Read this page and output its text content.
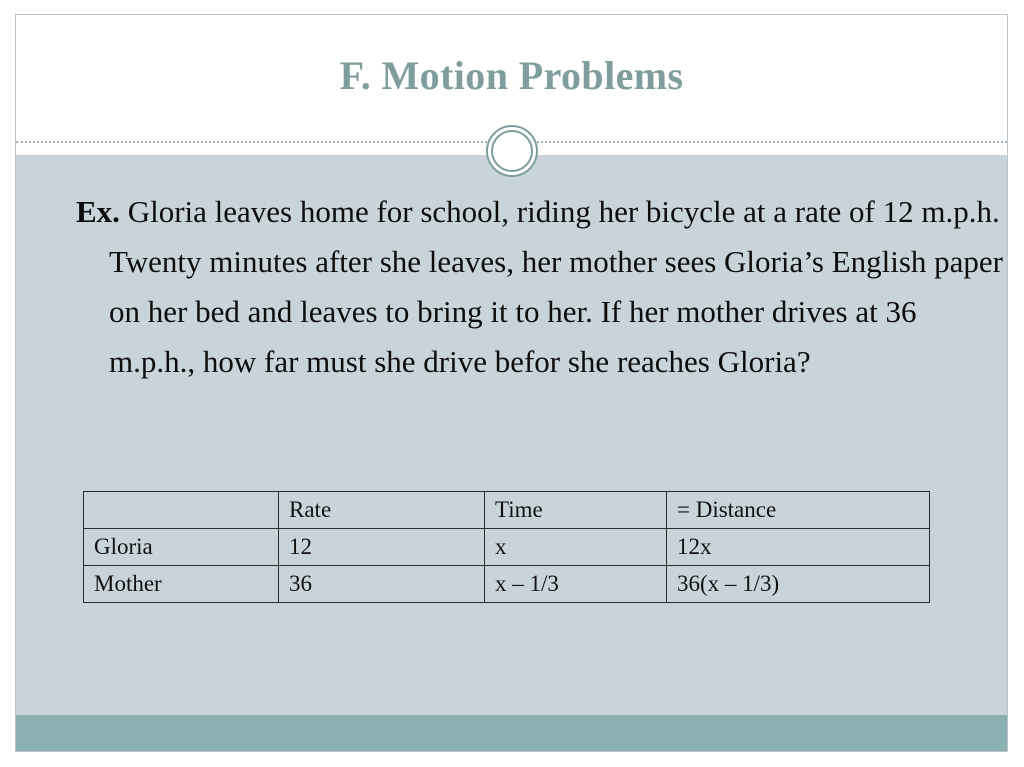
F. Motion Problems
Ex. Gloria leaves home for school, riding her bicycle at a rate of 12 m.p.h. Twenty minutes after she leaves, her mother sees Gloria’s English paper on her bed and leaves to bring it to her. If her mother drives at 36 m.p.h., how far must she drive befor she reaches Gloria?
	Rate	Time	= Distance
Gloria	12	x	12x
Mother	36	x – 1/3	36(x – 1/3)
